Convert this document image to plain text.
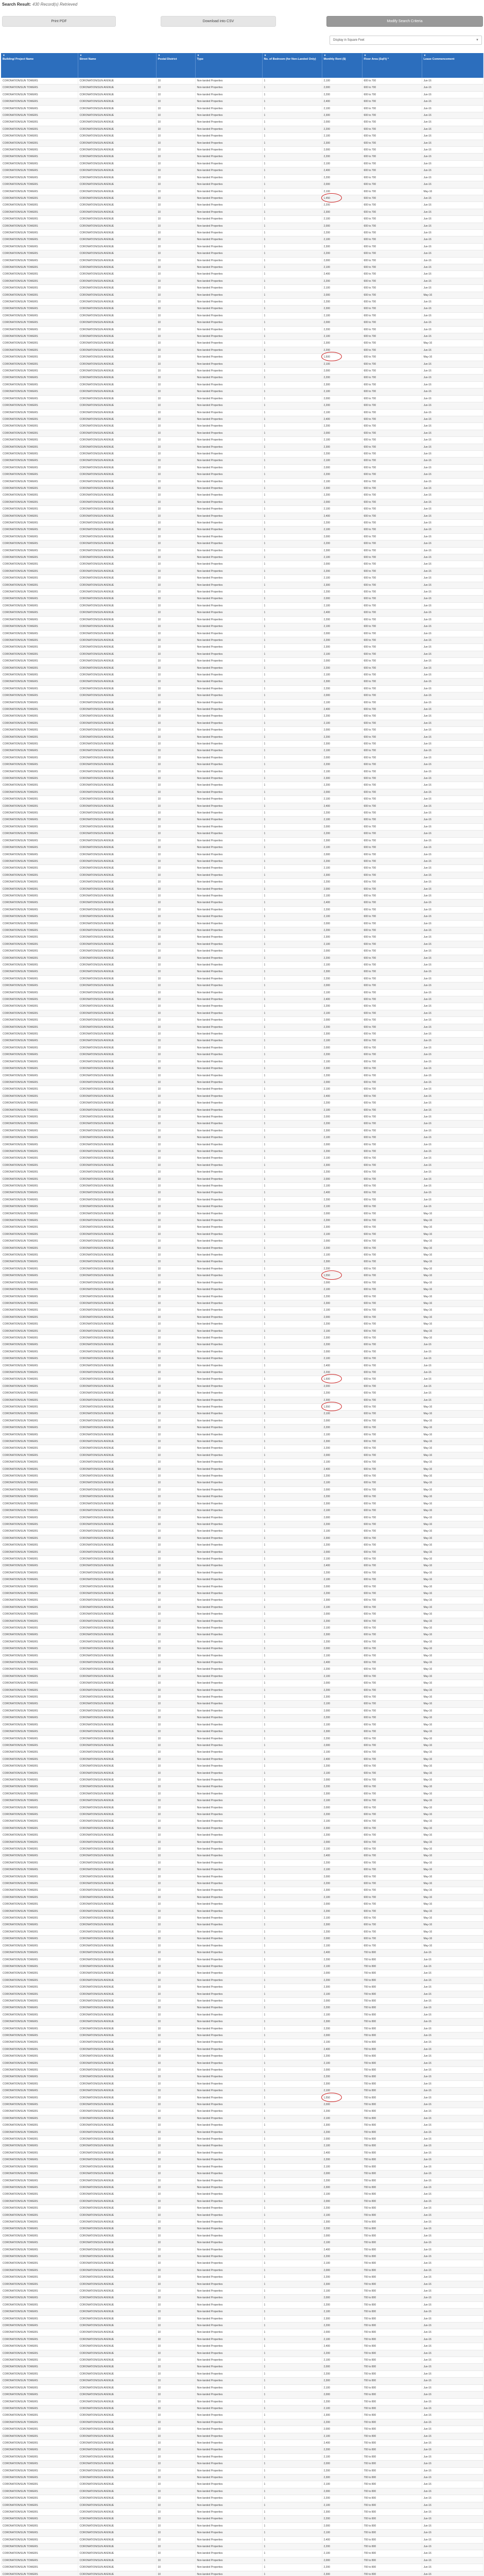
Search Result: 430 Record(s) Retrieved
Print PDF	Download into CSV	Modify Search Criteria
Display in Square Feet	▼
▼
Building/ Project Name	▼
Street Name	▼
Postal District	▼
Type	▼
No. of Bedroom (for Non-Landed Only)	▼
Monthly Rent ($)	▼
Floor Area (SqFt) *	▼
Lease Commencement
CORONATION/SUN TOWERS	CORONATION/SUN AVENUE	10	Non-landed Properties	1	2,100	600 to 700	Jun-16
CORONATION/SUN TOWERS	CORONATION/SUN AVENUE	10	Non-landed Properties	1	2,000	600 to 700	Jun-16
CORONATION/SUN TOWERS	CORONATION/SUN AVENUE	10	Non-landed Properties	1	2,200	600 to 700	Jun-16
CORONATION/SUN TOWERS	CORONATION/SUN AVENUE	10	Non-landed Properties	1	2,400	600 to 700	Jun-16
CORONATION/SUN TOWERS	CORONATION/SUN AVENUE	10	Non-landed Properties	1	2,100	600 to 700	Jun-16
CORONATION/SUN TOWERS	CORONATION/SUN AVENUE	10	Non-landed Properties	1	2,300	600 to 700	Jun-16
CORONATION/SUN TOWERS	CORONATION/SUN AVENUE	10	Non-landed Properties	1	2,000	600 to 700	Jun-16
CORONATION/SUN TOWERS	CORONATION/SUN AVENUE	10	Non-landed Properties	1	2,200	600 to 700	Jun-16
CORONATION/SUN TOWERS	CORONATION/SUN AVENUE	10	Non-landed Properties	1	2,100	600 to 700	Jun-16
CORONATION/SUN TOWERS	CORONATION/SUN AVENUE	10	Non-landed Properties	1	2,300	600 to 700	Jun-16
CORONATION/SUN TOWERS	CORONATION/SUN AVENUE	10	Non-landed Properties	1	2,000	600 to 700	Jun-16
CORONATION/SUN TOWERS	CORONATION/SUN AVENUE	10	Non-landed Properties	1	2,200	600 to 700	Jun-16
CORONATION/SUN TOWERS	CORONATION/SUN AVENUE	10	Non-landed Properties	1	2,100	600 to 700	Jun-16
CORONATION/SUN TOWERS	CORONATION/SUN AVENUE	10	Non-landed Properties	1	2,400	600 to 700	Jun-16
CORONATION/SUN TOWERS	CORONATION/SUN AVENUE	10	Non-landed Properties	1	2,200	600 to 700	Jun-16
CORONATION/SUN TOWERS	CORONATION/SUN AVENUE	10	Non-landed Properties	1	2,000	600 to 700	Jun-16
CORONATION/SUN TOWERS	CORONATION/SUN AVENUE	10	Non-landed Properties	1	2,100	600 to 700	May-16
CORONATION/SUN TOWERS	CORONATION/SUN AVENUE	10	Non-landed Properties	1	1,450	600 to 700	Jun-16
CORONATION/SUN TOWERS	CORONATION/SUN AVENUE	10	Non-landed Properties	1	2,200	600 to 700	Jun-16
CORONATION/SUN TOWERS	CORONATION/SUN AVENUE	10	Non-landed Properties	1	2,300	600 to 700	Jun-16
CORONATION/SUN TOWERS	CORONATION/SUN AVENUE	10	Non-landed Properties	1	2,100	600 to 700	Jun-16
CORONATION/SUN TOWERS	CORONATION/SUN AVENUE	10	Non-landed Properties	1	2,000	600 to 700	Jun-16
CORONATION/SUN TOWERS	CORONATION/SUN AVENUE	10	Non-landed Properties	1	2,200	600 to 700	Jun-16
CORONATION/SUN TOWERS	CORONATION/SUN AVENUE	10	Non-landed Properties	1	2,100	600 to 700	Jun-16
CORONATION/SUN TOWERS	CORONATION/SUN AVENUE	10	Non-landed Properties	1	2,300	600 to 700	Jun-16
CORONATION/SUN TOWERS	CORONATION/SUN AVENUE	10	Non-landed Properties	1	2,200	600 to 700	Jun-16
CORONATION/SUN TOWERS	CORONATION/SUN AVENUE	10	Non-landed Properties	1	2,000	600 to 700	Jun-16
CORONATION/SUN TOWERS	CORONATION/SUN AVENUE	10	Non-landed Properties	1	2,100	600 to 700	Jun-16
CORONATION/SUN TOWERS	CORONATION/SUN AVENUE	10	Non-landed Properties	1	2,400	600 to 700	Jun-16
CORONATION/SUN TOWERS	CORONATION/SUN AVENUE	10	Non-landed Properties	1	2,200	600 to 700	Jun-16
CORONATION/SUN TOWERS	CORONATION/SUN AVENUE	10	Non-landed Properties	1	2,100	600 to 700	Jun-16
CORONATION/SUN TOWERS	CORONATION/SUN AVENUE	10	Non-landed Properties	1	2,000	600 to 700	May-16
CORONATION/SUN TOWERS	CORONATION/SUN AVENUE	10	Non-landed Properties	1	2,200	600 to 700	Jun-16
CORONATION/SUN TOWERS	CORONATION/SUN AVENUE	10	Non-landed Properties	1	2,300	600 to 700	Jun-16
CORONATION/SUN TOWERS	CORONATION/SUN AVENUE	10	Non-landed Properties	1	2,100	600 to 700	Jun-16
CORONATION/SUN TOWERS	CORONATION/SUN AVENUE	10	Non-landed Properties	1	2,000	600 to 700	Jun-16
CORONATION/SUN TOWERS	CORONATION/SUN AVENUE	10	Non-landed Properties	1	2,200	600 to 700	Jun-16
CORONATION/SUN TOWERS	CORONATION/SUN AVENUE	10	Non-landed Properties	1	2,100	600 to 700	Jun-16
CORONATION/SUN TOWERS	CORONATION/SUN AVENUE	10	Non-landed Properties	1	2,300	600 to 700	May-16
CORONATION/SUN TOWERS	CORONATION/SUN AVENUE	10	Non-landed Properties	1	2,200	600 to 700	Jun-16
CORONATION/SUN TOWERS	CORONATION/SUN AVENUE	10	Non-landed Properties	1	1,500	600 to 700	May-16
CORONATION/SUN TOWERS	CORONATION/SUN AVENUE	10	Non-landed Properties	1	2,100	600 to 700	Jun-16
CORONATION/SUN TOWERS	CORONATION/SUN AVENUE	10	Non-landed Properties	1	2,000	600 to 700	Jun-16
CORONATION/SUN TOWERS	CORONATION/SUN AVENUE	10	Non-landed Properties	1	2,200	600 to 700	Jun-16
CORONATION/SUN TOWERS	CORONATION/SUN AVENUE	10	Non-landed Properties	1	2,300	600 to 700	Jun-16
CORONATION/SUN TOWERS	CORONATION/SUN AVENUE	10	Non-landed Properties	1	2,100	600 to 700	Jun-16
CORONATION/SUN TOWERS	CORONATION/SUN AVENUE	10	Non-landed Properties	1	2,000	600 to 700	Jun-16
CORONATION/SUN TOWERS	CORONATION/SUN AVENUE	10	Non-landed Properties	1	2,200	600 to 700	Jun-16
CORONATION/SUN TOWERS	CORONATION/SUN AVENUE	10	Non-landed Properties	1	2,100	600 to 700	Jun-16
CORONATION/SUN TOWERS	CORONATION/SUN AVENUE	10	Non-landed Properties	1	2,400	600 to 700	Jun-16
CORONATION/SUN TOWERS	CORONATION/SUN AVENUE	10	Non-landed Properties	1	2,200	600 to 700	Jun-16
CORONATION/SUN TOWERS	CORONATION/SUN AVENUE	10	Non-landed Properties	1	2,000	600 to 700	Jun-16
CORONATION/SUN TOWERS	CORONATION/SUN AVENUE	10	Non-landed Properties	1	2,100	600 to 700	Jun-16
CORONATION/SUN TOWERS	CORONATION/SUN AVENUE	10	Non-landed Properties	1	2,300	600 to 700	Jun-16
CORONATION/SUN TOWERS	CORONATION/SUN AVENUE	10	Non-landed Properties	1	2,200	600 to 700	Jun-16
CORONATION/SUN TOWERS	CORONATION/SUN AVENUE	10	Non-landed Properties	1	2,100	600 to 700	Jun-16
CORONATION/SUN TOWERS	CORONATION/SUN AVENUE	10	Non-landed Properties	1	2,000	600 to 700	Jun-16
CORONATION/SUN TOWERS	CORONATION/SUN AVENUE	10	Non-landed Properties	1	2,200	600 to 700	Jun-16
CORONATION/SUN TOWERS	CORONATION/SUN AVENUE	10	Non-landed Properties	1	2,100	600 to 700	Jun-16
CORONATION/SUN TOWERS	CORONATION/SUN AVENUE	10	Non-landed Properties	1	2,300	600 to 700	Jun-16
CORONATION/SUN TOWERS	CORONATION/SUN AVENUE	10	Non-landed Properties	1	2,200	600 to 700	Jun-16
CORONATION/SUN TOWERS	CORONATION/SUN AVENUE	10	Non-landed Properties	1	2,000	600 to 700	Jun-16
CORONATION/SUN TOWERS	CORONATION/SUN AVENUE	10	Non-landed Properties	1	2,100	600 to 700	Jun-16
CORONATION/SUN TOWERS	CORONATION/SUN AVENUE	10	Non-landed Properties	1	2,400	600 to 700	Jun-16
CORONATION/SUN TOWERS	CORONATION/SUN AVENUE	10	Non-landed Properties	1	2,200	600 to 700	Jun-16
CORONATION/SUN TOWERS	CORONATION/SUN AVENUE	10	Non-landed Properties	1	2,100	600 to 700	Jun-16
CORONATION/SUN TOWERS	CORONATION/SUN AVENUE	10	Non-landed Properties	1	2,000	600 to 700	Jun-16
CORONATION/SUN TOWERS	CORONATION/SUN AVENUE	10	Non-landed Properties	1	2,200	600 to 700	Jun-16
CORONATION/SUN TOWERS	CORONATION/SUN AVENUE	10	Non-landed Properties	1	2,300	600 to 700	Jun-16
CORONATION/SUN TOWERS	CORONATION/SUN AVENUE	10	Non-landed Properties	1	2,100	600 to 700	Jun-16
CORONATION/SUN TOWERS	CORONATION/SUN AVENUE	10	Non-landed Properties	1	2,000	600 to 700	Jun-16
CORONATION/SUN TOWERS	CORONATION/SUN AVENUE	10	Non-landed Properties	1	2,200	600 to 700	Jun-16
CORONATION/SUN TOWERS	CORONATION/SUN AVENUE	10	Non-landed Properties	1	2,100	600 to 700	Jun-16
CORONATION/SUN TOWERS	CORONATION/SUN AVENUE	10	Non-landed Properties	1	2,300	600 to 700	Jun-16
CORONATION/SUN TOWERS	CORONATION/SUN AVENUE	10	Non-landed Properties	1	2,200	600 to 700	Jun-16
CORONATION/SUN TOWERS	CORONATION/SUN AVENUE	10	Non-landed Properties	1	2,000	600 to 700	Jun-16
CORONATION/SUN TOWERS	CORONATION/SUN AVENUE	10	Non-landed Properties	1	2,100	600 to 700	Jun-16
CORONATION/SUN TOWERS	CORONATION/SUN AVENUE	10	Non-landed Properties	1	2,400	600 to 700	Jun-16
CORONATION/SUN TOWERS	CORONATION/SUN AVENUE	10	Non-landed Properties	1	2,200	600 to 700	Jun-16
CORONATION/SUN TOWERS	CORONATION/SUN AVENUE	10	Non-landed Properties	1	2,100	600 to 700	Jun-16
CORONATION/SUN TOWERS	CORONATION/SUN AVENUE	10	Non-landed Properties	1	2,000	600 to 700	Jun-16
CORONATION/SUN TOWERS	CORONATION/SUN AVENUE	10	Non-landed Properties	1	2,200	600 to 700	Jun-16
CORONATION/SUN TOWERS	CORONATION/SUN AVENUE	10	Non-landed Properties	1	2,300	600 to 700	Jun-16
CORONATION/SUN TOWERS	CORONATION/SUN AVENUE	10	Non-landed Properties	1	2,100	600 to 700	Jun-16
CORONATION/SUN TOWERS	CORONATION/SUN AVENUE	10	Non-landed Properties	1	2,000	600 to 700	Jun-16
CORONATION/SUN TOWERS	CORONATION/SUN AVENUE	10	Non-landed Properties	1	2,200	600 to 700	Jun-16
CORONATION/SUN TOWERS	CORONATION/SUN AVENUE	10	Non-landed Properties	1	2,100	600 to 700	Jun-16
CORONATION/SUN TOWERS	CORONATION/SUN AVENUE	10	Non-landed Properties	1	2,300	600 to 700	Jun-16
CORONATION/SUN TOWERS	CORONATION/SUN AVENUE	10	Non-landed Properties	1	2,200	600 to 700	Jun-16
CORONATION/SUN TOWERS	CORONATION/SUN AVENUE	10	Non-landed Properties	1	2,000	600 to 700	Jun-16
CORONATION/SUN TOWERS	CORONATION/SUN AVENUE	10	Non-landed Properties	1	2,100	600 to 700	Jun-16
CORONATION/SUN TOWERS	CORONATION/SUN AVENUE	10	Non-landed Properties	1	2,400	600 to 700	Jun-16
CORONATION/SUN TOWERS	CORONATION/SUN AVENUE	10	Non-landed Properties	1	2,200	600 to 700	Jun-16
CORONATION/SUN TOWERS	CORONATION/SUN AVENUE	10	Non-landed Properties	1	2,100	600 to 700	Jun-16
CORONATION/SUN TOWERS	CORONATION/SUN AVENUE	10	Non-landed Properties	1	2,000	600 to 700	Jun-16
CORONATION/SUN TOWERS	CORONATION/SUN AVENUE	10	Non-landed Properties	1	2,200	600 to 700	Jun-16
CORONATION/SUN TOWERS	CORONATION/SUN AVENUE	10	Non-landed Properties	1	2,300	600 to 700	Jun-16
CORONATION/SUN TOWERS	CORONATION/SUN AVENUE	10	Non-landed Properties	1	2,100	600 to 700	Jun-16
CORONATION/SUN TOWERS	CORONATION/SUN AVENUE	10	Non-landed Properties	1	2,000	600 to 700	Jun-16
CORONATION/SUN TOWERS	CORONATION/SUN AVENUE	10	Non-landed Properties	1	2,200	600 to 700	Jun-16
CORONATION/SUN TOWERS	CORONATION/SUN AVENUE	10	Non-landed Properties	1	2,100	600 to 700	Jun-16
CORONATION/SUN TOWERS	CORONATION/SUN AVENUE	10	Non-landed Properties	1	2,300	600 to 700	Jun-16
CORONATION/SUN TOWERS	CORONATION/SUN AVENUE	10	Non-landed Properties	1	2,200	600 to 700	Jun-16
CORONATION/SUN TOWERS	CORONATION/SUN AVENUE	10	Non-landed Properties	1	2,000	600 to 700	Jun-16
CORONATION/SUN TOWERS	CORONATION/SUN AVENUE	10	Non-landed Properties	1	2,100	600 to 700	Jun-16
CORONATION/SUN TOWERS	CORONATION/SUN AVENUE	10	Non-landed Properties	1	2,400	600 to 700	Jun-16
CORONATION/SUN TOWERS	CORONATION/SUN AVENUE	10	Non-landed Properties	1	2,200	600 to 700	Jun-16
CORONATION/SUN TOWERS	CORONATION/SUN AVENUE	10	Non-landed Properties	1	2,100	600 to 700	Jun-16
CORONATION/SUN TOWERS	CORONATION/SUN AVENUE	10	Non-landed Properties	1	2,000	600 to 700	Jun-16
CORONATION/SUN TOWERS	CORONATION/SUN AVENUE	10	Non-landed Properties	1	2,200	600 to 700	Jun-16
CORONATION/SUN TOWERS	CORONATION/SUN AVENUE	10	Non-landed Properties	1	2,300	600 to 700	Jun-16
CORONATION/SUN TOWERS	CORONATION/SUN AVENUE	10	Non-landed Properties	1	2,100	600 to 700	Jun-16
CORONATION/SUN TOWERS	CORONATION/SUN AVENUE	10	Non-landed Properties	1	2,000	600 to 700	Jun-16
CORONATION/SUN TOWERS	CORONATION/SUN AVENUE	10	Non-landed Properties	1	2,200	600 to 700	Jun-16
CORONATION/SUN TOWERS	CORONATION/SUN AVENUE	10	Non-landed Properties	1	2,100	600 to 700	Jun-16
CORONATION/SUN TOWERS	CORONATION/SUN AVENUE	10	Non-landed Properties	1	2,300	600 to 700	Jun-16
CORONATION/SUN TOWERS	CORONATION/SUN AVENUE	10	Non-landed Properties	1	2,200	600 to 700	Jun-16
CORONATION/SUN TOWERS	CORONATION/SUN AVENUE	10	Non-landed Properties	1	2,000	600 to 700	Jun-16
CORONATION/SUN TOWERS	CORONATION/SUN AVENUE	10	Non-landed Properties	1	2,100	600 to 700	Jun-16
CORONATION/SUN TOWERS	CORONATION/SUN AVENUE	10	Non-landed Properties	1	2,400	600 to 700	Jun-16
CORONATION/SUN TOWERS	CORONATION/SUN AVENUE	10	Non-landed Properties	1	2,200	600 to 700	Jun-16
CORONATION/SUN TOWERS	CORONATION/SUN AVENUE	10	Non-landed Properties	1	2,100	600 to 700	Jun-16
CORONATION/SUN TOWERS	CORONATION/SUN AVENUE	10	Non-landed Properties	1	2,000	600 to 700	Jun-16
CORONATION/SUN TOWERS	CORONATION/SUN AVENUE	10	Non-landed Properties	1	2,200	600 to 700	Jun-16
CORONATION/SUN TOWERS	CORONATION/SUN AVENUE	10	Non-landed Properties	1	2,300	600 to 700	Jun-16
CORONATION/SUN TOWERS	CORONATION/SUN AVENUE	10	Non-landed Properties	1	2,100	600 to 700	Jun-16
CORONATION/SUN TOWERS	CORONATION/SUN AVENUE	10	Non-landed Properties	1	2,000	600 to 700	Jun-16
CORONATION/SUN TOWERS	CORONATION/SUN AVENUE	10	Non-landed Properties	1	2,200	600 to 700	Jun-16
CORONATION/SUN TOWERS	CORONATION/SUN AVENUE	10	Non-landed Properties	1	2,100	600 to 700	Jun-16
CORONATION/SUN TOWERS	CORONATION/SUN AVENUE	10	Non-landed Properties	1	2,300	600 to 700	Jun-16
CORONATION/SUN TOWERS	CORONATION/SUN AVENUE	10	Non-landed Properties	1	2,200	600 to 700	Jun-16
CORONATION/SUN TOWERS	CORONATION/SUN AVENUE	10	Non-landed Properties	1	2,000	600 to 700	Jun-16
CORONATION/SUN TOWERS	CORONATION/SUN AVENUE	10	Non-landed Properties	1	2,100	600 to 700	Jun-16
CORONATION/SUN TOWERS	CORONATION/SUN AVENUE	10	Non-landed Properties	1	2,400	600 to 700	Jun-16
CORONATION/SUN TOWERS	CORONATION/SUN AVENUE	10	Non-landed Properties	1	2,200	600 to 700	Jun-16
CORONATION/SUN TOWERS	CORONATION/SUN AVENUE	10	Non-landed Properties	1	2,100	600 to 700	Jun-16
CORONATION/SUN TOWERS	CORONATION/SUN AVENUE	10	Non-landed Properties	1	2,000	600 to 700	Jun-16
CORONATION/SUN TOWERS	CORONATION/SUN AVENUE	10	Non-landed Properties	1	2,200	600 to 700	Jun-16
CORONATION/SUN TOWERS	CORONATION/SUN AVENUE	10	Non-landed Properties	1	2,300	600 to 700	Jun-16
CORONATION/SUN TOWERS	CORONATION/SUN AVENUE	10	Non-landed Properties	1	2,100	600 to 700	Jun-16
CORONATION/SUN TOWERS	CORONATION/SUN AVENUE	10	Non-landed Properties	1	2,000	600 to 700	Jun-16
CORONATION/SUN TOWERS	CORONATION/SUN AVENUE	10	Non-landed Properties	1	2,200	600 to 700	Jun-16
CORONATION/SUN TOWERS	CORONATION/SUN AVENUE	10	Non-landed Properties	1	2,100	600 to 700	Jun-16
CORONATION/SUN TOWERS	CORONATION/SUN AVENUE	10	Non-landed Properties	1	2,300	600 to 700	Jun-16
CORONATION/SUN TOWERS	CORONATION/SUN AVENUE	10	Non-landed Properties	1	2,200	600 to 700	Jun-16
CORONATION/SUN TOWERS	CORONATION/SUN AVENUE	10	Non-landed Properties	1	2,000	600 to 700	Jun-16
CORONATION/SUN TOWERS	CORONATION/SUN AVENUE	10	Non-landed Properties	1	2,100	600 to 700	Jun-16
CORONATION/SUN TOWERS	CORONATION/SUN AVENUE	10	Non-landed Properties	1	2,400	600 to 700	Jun-16
CORONATION/SUN TOWERS	CORONATION/SUN AVENUE	10	Non-landed Properties	1	2,200	600 to 700	Jun-16
CORONATION/SUN TOWERS	CORONATION/SUN AVENUE	10	Non-landed Properties	1	2,100	600 to 700	Jun-16
CORONATION/SUN TOWERS	CORONATION/SUN AVENUE	10	Non-landed Properties	1	2,000	600 to 700	Jun-16
CORONATION/SUN TOWERS	CORONATION/SUN AVENUE	10	Non-landed Properties	1	2,200	600 to 700	Jun-16
CORONATION/SUN TOWERS	CORONATION/SUN AVENUE	10	Non-landed Properties	1	2,300	600 to 700	Jun-16
CORONATION/SUN TOWERS	CORONATION/SUN AVENUE	10	Non-landed Properties	1	2,100	600 to 700	Jun-16
CORONATION/SUN TOWERS	CORONATION/SUN AVENUE	10	Non-landed Properties	1	2,000	600 to 700	Jun-16
CORONATION/SUN TOWERS	CORONATION/SUN AVENUE	10	Non-landed Properties	1	2,200	600 to 700	Jun-16
CORONATION/SUN TOWERS	CORONATION/SUN AVENUE	10	Non-landed Properties	1	2,100	600 to 700	Jun-16
CORONATION/SUN TOWERS	CORONATION/SUN AVENUE	10	Non-landed Properties	1	2,300	600 to 700	Jun-16
CORONATION/SUN TOWERS	CORONATION/SUN AVENUE	10	Non-landed Properties	1	2,200	600 to 700	Jun-16
CORONATION/SUN TOWERS	CORONATION/SUN AVENUE	10	Non-landed Properties	1	2,000	600 to 700	Jun-16
CORONATION/SUN TOWERS	CORONATION/SUN AVENUE	10	Non-landed Properties	1	2,100	600 to 700	Jun-16
CORONATION/SUN TOWERS	CORONATION/SUN AVENUE	10	Non-landed Properties	1	2,400	600 to 700	Jun-16
CORONATION/SUN TOWERS	CORONATION/SUN AVENUE	10	Non-landed Properties	1	2,200	600 to 700	Jun-16
CORONATION/SUN TOWERS	CORONATION/SUN AVENUE	10	Non-landed Properties	1	2,100	600 to 700	Jun-16
CORONATION/SUN TOWERS	CORONATION/SUN AVENUE	10	Non-landed Properties	1	2,000	600 to 700	May-16
CORONATION/SUN TOWERS	CORONATION/SUN AVENUE	10	Non-landed Properties	1	2,200	600 to 700	May-16
CORONATION/SUN TOWERS	CORONATION/SUN AVENUE	10	Non-landed Properties	1	2,300	600 to 700	May-16
CORONATION/SUN TOWERS	CORONATION/SUN AVENUE	10	Non-landed Properties	1	2,100	600 to 700	May-16
CORONATION/SUN TOWERS	CORONATION/SUN AVENUE	10	Non-landed Properties	1	2,000	600 to 700	May-16
CORONATION/SUN TOWERS	CORONATION/SUN AVENUE	10	Non-landed Properties	1	2,200	600 to 700	May-16
CORONATION/SUN TOWERS	CORONATION/SUN AVENUE	10	Non-landed Properties	1	2,100	600 to 700	May-16
CORONATION/SUN TOWERS	CORONATION/SUN AVENUE	10	Non-landed Properties	1	2,300	600 to 700	May-16
CORONATION/SUN TOWERS	CORONATION/SUN AVENUE	10	Non-landed Properties	1	2,200	600 to 700	May-16
CORONATION/SUN TOWERS	CORONATION/SUN AVENUE	10	Non-landed Properties	1	1,550	600 to 700	May-16
CORONATION/SUN TOWERS	CORONATION/SUN AVENUE	10	Non-landed Properties	1	2,000	600 to 700	May-16
CORONATION/SUN TOWERS	CORONATION/SUN AVENUE	10	Non-landed Properties	1	2,100	600 to 700	May-16
CORONATION/SUN TOWERS	CORONATION/SUN AVENUE	10	Non-landed Properties	1	2,200	600 to 700	May-16
CORONATION/SUN TOWERS	CORONATION/SUN AVENUE	10	Non-landed Properties	1	2,300	600 to 700	May-16
CORONATION/SUN TOWERS	CORONATION/SUN AVENUE	10	Non-landed Properties	1	2,100	600 to 700	May-16
CORONATION/SUN TOWERS	CORONATION/SUN AVENUE	10	Non-landed Properties	1	2,000	600 to 700	May-16
CORONATION/SUN TOWERS	CORONATION/SUN AVENUE	10	Non-landed Properties	1	2,200	600 to 700	May-16
CORONATION/SUN TOWERS	CORONATION/SUN AVENUE	10	Non-landed Properties	1	2,100	600 to 700	May-16
CORONATION/SUN TOWERS	CORONATION/SUN AVENUE	10	Non-landed Properties	1	2,300	600 to 700	May-16
CORONATION/SUN TOWERS	CORONATION/SUN AVENUE	10	Non-landed Properties	1	2,200	600 to 700	Jun-16
CORONATION/SUN TOWERS	CORONATION/SUN AVENUE	10	Non-landed Properties	1	2,000	600 to 700	Jun-16
CORONATION/SUN TOWERS	CORONATION/SUN AVENUE	10	Non-landed Properties	1	2,100	600 to 700	Jun-16
CORONATION/SUN TOWERS	CORONATION/SUN AVENUE	10	Non-landed Properties	1	2,400	600 to 700	Jun-16
CORONATION/SUN TOWERS	CORONATION/SUN AVENUE	10	Non-landed Properties	1	2,200	600 to 700	Jun-16
CORONATION/SUN TOWERS	CORONATION/SUN AVENUE	10	Non-landed Properties	1	1,500	600 to 700	Jun-16
CORONATION/SUN TOWERS	CORONATION/SUN AVENUE	10	Non-landed Properties	1	2,000	600 to 700	Jun-16
CORONATION/SUN TOWERS	CORONATION/SUN AVENUE	10	Non-landed Properties	1	2,200	600 to 700	Jun-16
CORONATION/SUN TOWERS	CORONATION/SUN AVENUE	10	Non-landed Properties	1	2,300	600 to 700	Jun-16
CORONATION/SUN TOWERS	CORONATION/SUN AVENUE	10	Non-landed Properties	1	1,550	600 to 700	May-16
CORONATION/SUN TOWERS	CORONATION/SUN AVENUE	10	Non-landed Properties	1	2,100	600 to 700	May-16
CORONATION/SUN TOWERS	CORONATION/SUN AVENUE	10	Non-landed Properties	1	2,000	600 to 700	May-16
CORONATION/SUN TOWERS	CORONATION/SUN AVENUE	10	Non-landed Properties	1	2,200	600 to 700	May-16
CORONATION/SUN TOWERS	CORONATION/SUN AVENUE	10	Non-landed Properties	1	2,100	600 to 700	May-16
CORONATION/SUN TOWERS	CORONATION/SUN AVENUE	10	Non-landed Properties	1	2,300	600 to 700	May-16
CORONATION/SUN TOWERS	CORONATION/SUN AVENUE	10	Non-landed Properties	1	2,200	600 to 700	May-16
CORONATION/SUN TOWERS	CORONATION/SUN AVENUE	10	Non-landed Properties	1	2,000	600 to 700	May-16
CORONATION/SUN TOWERS	CORONATION/SUN AVENUE	10	Non-landed Properties	1	2,100	600 to 700	May-16
CORONATION/SUN TOWERS	CORONATION/SUN AVENUE	10	Non-landed Properties	1	2,400	600 to 700	May-16
CORONATION/SUN TOWERS	CORONATION/SUN AVENUE	10	Non-landed Properties	1	2,200	600 to 700	May-16
CORONATION/SUN TOWERS	CORONATION/SUN AVENUE	10	Non-landed Properties	1	2,100	600 to 700	May-16
CORONATION/SUN TOWERS	CORONATION/SUN AVENUE	10	Non-landed Properties	1	2,000	600 to 700	May-16
CORONATION/SUN TOWERS	CORONATION/SUN AVENUE	10	Non-landed Properties	1	2,200	600 to 700	May-16
CORONATION/SUN TOWERS	CORONATION/SUN AVENUE	10	Non-landed Properties	1	2,300	600 to 700	May-16
CORONATION/SUN TOWERS	CORONATION/SUN AVENUE	10	Non-landed Properties	1	2,100	600 to 700	May-16
CORONATION/SUN TOWERS	CORONATION/SUN AVENUE	10	Non-landed Properties	1	2,000	600 to 700	May-16
CORONATION/SUN TOWERS	CORONATION/SUN AVENUE	10	Non-landed Properties	1	2,200	600 to 700	May-16
CORONATION/SUN TOWERS	CORONATION/SUN AVENUE	10	Non-landed Properties	1	2,100	600 to 700	May-16
CORONATION/SUN TOWERS	CORONATION/SUN AVENUE	10	Non-landed Properties	1	2,300	600 to 700	May-16
CORONATION/SUN TOWERS	CORONATION/SUN AVENUE	10	Non-landed Properties	1	2,200	600 to 700	May-16
CORONATION/SUN TOWERS	CORONATION/SUN AVENUE	10	Non-landed Properties	1	2,000	600 to 700	May-16
CORONATION/SUN TOWERS	CORONATION/SUN AVENUE	10	Non-landed Properties	1	2,100	600 to 700	May-16
CORONATION/SUN TOWERS	CORONATION/SUN AVENUE	10	Non-landed Properties	1	2,400	600 to 700	May-16
CORONATION/SUN TOWERS	CORONATION/SUN AVENUE	10	Non-landed Properties	1	2,200	600 to 700	May-16
CORONATION/SUN TOWERS	CORONATION/SUN AVENUE	10	Non-landed Properties	1	2,100	600 to 700	May-16
CORONATION/SUN TOWERS	CORONATION/SUN AVENUE	10	Non-landed Properties	1	2,000	600 to 700	May-16
CORONATION/SUN TOWERS	CORONATION/SUN AVENUE	10	Non-landed Properties	1	2,200	600 to 700	May-16
CORONATION/SUN TOWERS	CORONATION/SUN AVENUE	10	Non-landed Properties	1	2,300	600 to 700	May-16
CORONATION/SUN TOWERS	CORONATION/SUN AVENUE	10	Non-landed Properties	1	2,100	600 to 700	May-16
CORONATION/SUN TOWERS	CORONATION/SUN AVENUE	10	Non-landed Properties	1	2,000	600 to 700	May-16
CORONATION/SUN TOWERS	CORONATION/SUN AVENUE	10	Non-landed Properties	1	2,200	600 to 700	May-16
CORONATION/SUN TOWERS	CORONATION/SUN AVENUE	10	Non-landed Properties	1	2,100	600 to 700	May-16
CORONATION/SUN TOWERS	CORONATION/SUN AVENUE	10	Non-landed Properties	1	2,300	600 to 700	May-16
CORONATION/SUN TOWERS	CORONATION/SUN AVENUE	10	Non-landed Properties	1	2,200	600 to 700	May-16
CORONATION/SUN TOWERS	CORONATION/SUN AVENUE	10	Non-landed Properties	1	2,000	600 to 700	May-16
CORONATION/SUN TOWERS	CORONATION/SUN AVENUE	10	Non-landed Properties	1	2,100	600 to 700	May-16
CORONATION/SUN TOWERS	CORONATION/SUN AVENUE	10	Non-landed Properties	1	2,400	600 to 700	May-16
CORONATION/SUN TOWERS	CORONATION/SUN AVENUE	10	Non-landed Properties	1	2,200	600 to 700	May-16
CORONATION/SUN TOWERS	CORONATION/SUN AVENUE	10	Non-landed Properties	1	2,100	600 to 700	May-16
CORONATION/SUN TOWERS	CORONATION/SUN AVENUE	10	Non-landed Properties	1	2,000	600 to 700	May-16
CORONATION/SUN TOWERS	CORONATION/SUN AVENUE	10	Non-landed Properties	1	2,200	600 to 700	May-16
CORONATION/SUN TOWERS	CORONATION/SUN AVENUE	10	Non-landed Properties	1	2,300	600 to 700	May-16
CORONATION/SUN TOWERS	CORONATION/SUN AVENUE	10	Non-landed Properties	1	2,100	600 to 700	May-16
CORONATION/SUN TOWERS	CORONATION/SUN AVENUE	10	Non-landed Properties	1	2,000	600 to 700	May-16
CORONATION/SUN TOWERS	CORONATION/SUN AVENUE	10	Non-landed Properties	1	2,200	600 to 700	May-16
CORONATION/SUN TOWERS	CORONATION/SUN AVENUE	10	Non-landed Properties	1	2,100	600 to 700	May-16
CORONATION/SUN TOWERS	CORONATION/SUN AVENUE	10	Non-landed Properties	1	2,300	600 to 700	May-16
CORONATION/SUN TOWERS	CORONATION/SUN AVENUE	10	Non-landed Properties	1	2,200	600 to 700	May-16
CORONATION/SUN TOWERS	CORONATION/SUN AVENUE	10	Non-landed Properties	1	2,000	600 to 700	May-16
CORONATION/SUN TOWERS	CORONATION/SUN AVENUE	10	Non-landed Properties	1	2,100	600 to 700	May-16
CORONATION/SUN TOWERS	CORONATION/SUN AVENUE	10	Non-landed Properties	1	2,400	600 to 700	May-16
CORONATION/SUN TOWERS	CORONATION/SUN AVENUE	10	Non-landed Properties	1	2,200	600 to 700	May-16
CORONATION/SUN TOWERS	CORONATION/SUN AVENUE	10	Non-landed Properties	1	2,100	600 to 700	May-16
CORONATION/SUN TOWERS	CORONATION/SUN AVENUE	10	Non-landed Properties	1	2,000	600 to 700	May-16
CORONATION/SUN TOWERS	CORONATION/SUN AVENUE	10	Non-landed Properties	1	2,200	600 to 700	May-16
CORONATION/SUN TOWERS	CORONATION/SUN AVENUE	10	Non-landed Properties	1	2,300	600 to 700	May-16
CORONATION/SUN TOWERS	CORONATION/SUN AVENUE	10	Non-landed Properties	1	2,100	600 to 700	May-16
CORONATION/SUN TOWERS	CORONATION/SUN AVENUE	10	Non-landed Properties	1	2,000	600 to 700	May-16
CORONATION/SUN TOWERS	CORONATION/SUN AVENUE	10	Non-landed Properties	1	2,200	600 to 700	May-16
CORONATION/SUN TOWERS	CORONATION/SUN AVENUE	10	Non-landed Properties	1	2,100	600 to 700	May-16
CORONATION/SUN TOWERS	CORONATION/SUN AVENUE	10	Non-landed Properties	1	2,300	600 to 700	May-16
CORONATION/SUN TOWERS	CORONATION/SUN AVENUE	10	Non-landed Properties	1	2,200	600 to 700	May-16
CORONATION/SUN TOWERS	CORONATION/SUN AVENUE	10	Non-landed Properties	1	2,000	600 to 700	May-16
CORONATION/SUN TOWERS	CORONATION/SUN AVENUE	10	Non-landed Properties	1	2,100	600 to 700	May-16
CORONATION/SUN TOWERS	CORONATION/SUN AVENUE	10	Non-landed Properties	1	2,400	600 to 700	May-16
CORONATION/SUN TOWERS	CORONATION/SUN AVENUE	10	Non-landed Properties	1	2,200	600 to 700	May-16
CORONATION/SUN TOWERS	CORONATION/SUN AVENUE	10	Non-landed Properties	1	2,100	600 to 700	May-16
CORONATION/SUN TOWERS	CORONATION/SUN AVENUE	10	Non-landed Properties	1	2,000	600 to 700	May-16
CORONATION/SUN TOWERS	CORONATION/SUN AVENUE	10	Non-landed Properties	1	2,200	600 to 700	May-16
CORONATION/SUN TOWERS	CORONATION/SUN AVENUE	10	Non-landed Properties	1	2,300	600 to 700	May-16
CORONATION/SUN TOWERS	CORONATION/SUN AVENUE	10	Non-landed Properties	1	2,100	600 to 700	May-16
CORONATION/SUN TOWERS	CORONATION/SUN AVENUE	10	Non-landed Properties	1	2,000	600 to 700	May-16
CORONATION/SUN TOWERS	CORONATION/SUN AVENUE	10	Non-landed Properties	1	2,200	600 to 700	May-16
CORONATION/SUN TOWERS	CORONATION/SUN AVENUE	10	Non-landed Properties	1	2,100	600 to 700	May-16
CORONATION/SUN TOWERS	CORONATION/SUN AVENUE	10	Non-landed Properties	1	2,300	600 to 700	May-16
CORONATION/SUN TOWERS	CORONATION/SUN AVENUE	10	Non-landed Properties	1	2,200	600 to 700	May-16
CORONATION/SUN TOWERS	CORONATION/SUN AVENUE	10	Non-landed Properties	1	2,000	600 to 700	May-16
CORONATION/SUN TOWERS	CORONATION/SUN AVENUE	10	Non-landed Properties	1	2,100	600 to 700	May-16
CORONATION/SUN TOWERS	CORONATION/SUN AVENUE	10	Non-landed Properties	1	2,400	700 to 800	Jun-16
CORONATION/SUN TOWERS	CORONATION/SUN AVENUE	10	Non-landed Properties	1	2,200	700 to 800	Jun-16
CORONATION/SUN TOWERS	CORONATION/SUN AVENUE	10	Non-landed Properties	1	2,100	700 to 800	Jun-16
CORONATION/SUN TOWERS	CORONATION/SUN AVENUE	10	Non-landed Properties	1	2,000	700 to 800	Jun-16
CORONATION/SUN TOWERS	CORONATION/SUN AVENUE	10	Non-landed Properties	1	2,200	700 to 800	Jun-16
CORONATION/SUN TOWERS	CORONATION/SUN AVENUE	10	Non-landed Properties	1	2,300	700 to 800	Jun-16
CORONATION/SUN TOWERS	CORONATION/SUN AVENUE	10	Non-landed Properties	1	2,100	700 to 800	Jun-16
CORONATION/SUN TOWERS	CORONATION/SUN AVENUE	10	Non-landed Properties	1	2,000	700 to 800	Jun-16
CORONATION/SUN TOWERS	CORONATION/SUN AVENUE	10	Non-landed Properties	1	2,200	700 to 800	Jun-16
CORONATION/SUN TOWERS	CORONATION/SUN AVENUE	10	Non-landed Properties	1	2,100	700 to 800	Jun-16
CORONATION/SUN TOWERS	CORONATION/SUN AVENUE	10	Non-landed Properties	1	2,300	700 to 800	Jun-16
CORONATION/SUN TOWERS	CORONATION/SUN AVENUE	10	Non-landed Properties	1	2,200	700 to 800	Jun-16
CORONATION/SUN TOWERS	CORONATION/SUN AVENUE	10	Non-landed Properties	1	2,000	700 to 800	Jun-16
CORONATION/SUN TOWERS	CORONATION/SUN AVENUE	10	Non-landed Properties	1	2,100	700 to 800	Jun-16
CORONATION/SUN TOWERS	CORONATION/SUN AVENUE	10	Non-landed Properties	1	2,400	700 to 800	Jun-16
CORONATION/SUN TOWERS	CORONATION/SUN AVENUE	10	Non-landed Properties	1	2,200	700 to 800	Jun-16
CORONATION/SUN TOWERS	CORONATION/SUN AVENUE	10	Non-landed Properties	1	2,100	700 to 800	Jun-16
CORONATION/SUN TOWERS	CORONATION/SUN AVENUE	10	Non-landed Properties	1	2,000	700 to 800	Jun-16
CORONATION/SUN TOWERS	CORONATION/SUN AVENUE	10	Non-landed Properties	1	2,200	700 to 800	Jun-16
CORONATION/SUN TOWERS	CORONATION/SUN AVENUE	10	Non-landed Properties	1	2,300	700 to 800	Jun-16
CORONATION/SUN TOWERS	CORONATION/SUN AVENUE	10	Non-landed Properties	1	2,100	700 to 800	Jun-16
CORONATION/SUN TOWERS	CORONATION/SUN AVENUE	10	Non-landed Properties	1	1,550	700 to 800	Jun-16
CORONATION/SUN TOWERS	CORONATION/SUN AVENUE	10	Non-landed Properties	1	2,000	700 to 800	Jun-16
CORONATION/SUN TOWERS	CORONATION/SUN AVENUE	10	Non-landed Properties	1	2,200	700 to 800	Jun-16
CORONATION/SUN TOWERS	CORONATION/SUN AVENUE	10	Non-landed Properties	1	2,100	700 to 800	Jun-16
CORONATION/SUN TOWERS	CORONATION/SUN AVENUE	10	Non-landed Properties	1	2,300	700 to 800	Jun-16
CORONATION/SUN TOWERS	CORONATION/SUN AVENUE	10	Non-landed Properties	1	2,200	700 to 800	Jun-16
CORONATION/SUN TOWERS	CORONATION/SUN AVENUE	10	Non-landed Properties	1	2,000	700 to 800	Jun-16
CORONATION/SUN TOWERS	CORONATION/SUN AVENUE	10	Non-landed Properties	1	2,100	700 to 800	Jun-16
CORONATION/SUN TOWERS	CORONATION/SUN AVENUE	10	Non-landed Properties	1	2,400	700 to 800	Jun-16
CORONATION/SUN TOWERS	CORONATION/SUN AVENUE	10	Non-landed Properties	1	2,200	700 to 800	Jun-16
CORONATION/SUN TOWERS	CORONATION/SUN AVENUE	10	Non-landed Properties	1	2,100	700 to 800	Jun-16
CORONATION/SUN TOWERS	CORONATION/SUN AVENUE	10	Non-landed Properties	1	2,000	700 to 800	Jun-16
CORONATION/SUN TOWERS	CORONATION/SUN AVENUE	10	Non-landed Properties	1	2,200	700 to 800	Jun-16
CORONATION/SUN TOWERS	CORONATION/SUN AVENUE	10	Non-landed Properties	1	2,300	700 to 800	Jun-16
CORONATION/SUN TOWERS	CORONATION/SUN AVENUE	10	Non-landed Properties	1	2,100	700 to 800	Jun-16
CORONATION/SUN TOWERS	CORONATION/SUN AVENUE	10	Non-landed Properties	1	2,000	700 to 800	Jun-16
CORONATION/SUN TOWERS	CORONATION/SUN AVENUE	10	Non-landed Properties	1	2,200	700 to 800	Jun-16
CORONATION/SUN TOWERS	CORONATION/SUN AVENUE	10	Non-landed Properties	1	2,100	700 to 800	Jun-16
CORONATION/SUN TOWERS	CORONATION/SUN AVENUE	10	Non-landed Properties	1	2,300	700 to 800	Jun-16
CORONATION/SUN TOWERS	CORONATION/SUN AVENUE	10	Non-landed Properties	1	2,200	700 to 800	Jun-16
CORONATION/SUN TOWERS	CORONATION/SUN AVENUE	10	Non-landed Properties	1	2,000	700 to 800	Jun-16
CORONATION/SUN TOWERS	CORONATION/SUN AVENUE	10	Non-landed Properties	1	2,100	700 to 800	Jun-16
CORONATION/SUN TOWERS	CORONATION/SUN AVENUE	10	Non-landed Properties	1	2,400	700 to 800	Jun-16
CORONATION/SUN TOWERS	CORONATION/SUN AVENUE	10	Non-landed Properties	1	2,200	700 to 800	Jun-16
CORONATION/SUN TOWERS	CORONATION/SUN AVENUE	10	Non-landed Properties	1	2,100	700 to 800	Jun-16
CORONATION/SUN TOWERS	CORONATION/SUN AVENUE	10	Non-landed Properties	1	2,000	700 to 800	Jun-16
CORONATION/SUN TOWERS	CORONATION/SUN AVENUE	10	Non-landed Properties	1	2,200	700 to 800	Jun-16
CORONATION/SUN TOWERS	CORONATION/SUN AVENUE	10	Non-landed Properties	1	2,300	700 to 800	Jun-16
CORONATION/SUN TOWERS	CORONATION/SUN AVENUE	10	Non-landed Properties	1	2,100	700 to 800	Jun-16
CORONATION/SUN TOWERS	CORONATION/SUN AVENUE	10	Non-landed Properties	1	2,000	700 to 800	Jun-16
CORONATION/SUN TOWERS	CORONATION/SUN AVENUE	10	Non-landed Properties	1	2,200	700 to 800	Jun-16
CORONATION/SUN TOWERS	CORONATION/SUN AVENUE	10	Non-landed Properties	1	2,100	700 to 800	Jun-16
CORONATION/SUN TOWERS	CORONATION/SUN AVENUE	10	Non-landed Properties	1	2,300	700 to 800	Jun-16
CORONATION/SUN TOWERS	CORONATION/SUN AVENUE	10	Non-landed Properties	1	2,200	700 to 800	Jun-16
CORONATION/SUN TOWERS	CORONATION/SUN AVENUE	10	Non-landed Properties	1	2,000	700 to 800	Jun-16
CORONATION/SUN TOWERS	CORONATION/SUN AVENUE	10	Non-landed Properties	1	2,100	700 to 800	Jun-16
CORONATION/SUN TOWERS	CORONATION/SUN AVENUE	10	Non-landed Properties	1	2,400	700 to 800	Jun-16
CORONATION/SUN TOWERS	CORONATION/SUN AVENUE	10	Non-landed Properties	1	2,200	700 to 800	Jun-16
CORONATION/SUN TOWERS	CORONATION/SUN AVENUE	10	Non-landed Properties	1	2,100	700 to 800	Jun-16
CORONATION/SUN TOWERS	CORONATION/SUN AVENUE	10	Non-landed Properties	1	2,000	700 to 800	Jun-16
CORONATION/SUN TOWERS	CORONATION/SUN AVENUE	10	Non-landed Properties	1	2,200	700 to 800	Jun-16
CORONATION/SUN TOWERS	CORONATION/SUN AVENUE	10	Non-landed Properties	1	2,300	700 to 800	Jun-16
CORONATION/SUN TOWERS	CORONATION/SUN AVENUE	10	Non-landed Properties	1	2,100	700 to 800	Jun-16
CORONATION/SUN TOWERS	CORONATION/SUN AVENUE	10	Non-landed Properties	1	2,000	700 to 800	Jun-16
CORONATION/SUN TOWERS	CORONATION/SUN AVENUE	10	Non-landed Properties	1	2,200	700 to 800	Jun-16
CORONATION/SUN TOWERS	CORONATION/SUN AVENUE	10	Non-landed Properties	1	2,100	700 to 800	Jun-16
CORONATION/SUN TOWERS	CORONATION/SUN AVENUE	10	Non-landed Properties	1	2,300	700 to 800	Jun-16
CORONATION/SUN TOWERS	CORONATION/SUN AVENUE	10	Non-landed Properties	1	2,200	700 to 800	Jun-16
CORONATION/SUN TOWERS	CORONATION/SUN AVENUE	10	Non-landed Properties	1	2,000	700 to 800	Jun-16
CORONATION/SUN TOWERS	CORONATION/SUN AVENUE	10	Non-landed Properties	1	2,100	700 to 800	Jun-16
CORONATION/SUN TOWERS	CORONATION/SUN AVENUE	10	Non-landed Properties	1	2,400	700 to 800	Jun-16
CORONATION/SUN TOWERS	CORONATION/SUN AVENUE	10	Non-landed Properties	1	2,200	700 to 800	Jun-16
CORONATION/SUN TOWERS	CORONATION/SUN AVENUE	10	Non-landed Properties	1	2,100	700 to 800	Jun-16
CORONATION/SUN TOWERS	CORONATION/SUN AVENUE	10	Non-landed Properties	1	2,000	700 to 800	Jun-16
CORONATION/SUN TOWERS	CORONATION/SUN AVENUE	10	Non-landed Properties	1	2,200	700 to 800	Jun-16
CORONATION/SUN TOWERS	CORONATION/SUN AVENUE	10	Non-landed Properties	1	2,300	700 to 800	Jun-16
CORONATION/SUN TOWERS	CORONATION/SUN AVENUE	10	Non-landed Properties	1	2,100	700 to 800	Jun-16
CORONATION/SUN TOWERS	CORONATION/SUN AVENUE	10	Non-landed Properties	1	2,000	700 to 800	Jun-16
CORONATION/SUN TOWERS	CORONATION/SUN AVENUE	10	Non-landed Properties	1	2,200	700 to 800	Jun-16
CORONATION/SUN TOWERS	CORONATION/SUN AVENUE	10	Non-landed Properties	1	2,100	700 to 800	Jun-16
CORONATION/SUN TOWERS	CORONATION/SUN AVENUE	10	Non-landed Properties	1	2,300	700 to 800	Jun-16
CORONATION/SUN TOWERS	CORONATION/SUN AVENUE	10	Non-landed Properties	1	2,200	700 to 800	Jun-16
CORONATION/SUN TOWERS	CORONATION/SUN AVENUE	10	Non-landed Properties	1	2,000	700 to 800	Jun-16
CORONATION/SUN TOWERS	CORONATION/SUN AVENUE	10	Non-landed Properties	1	2,100	700 to 800	Jun-16
CORONATION/SUN TOWERS	CORONATION/SUN AVENUE	10	Non-landed Properties	1	2,400	700 to 800	Jun-16
CORONATION/SUN TOWERS	CORONATION/SUN AVENUE	10	Non-landed Properties	1	2,200	700 to 800	Jun-16
CORONATION/SUN TOWERS	CORONATION/SUN AVENUE	10	Non-landed Properties	1	2,100	700 to 800	Jun-16
CORONATION/SUN TOWERS	CORONATION/SUN AVENUE	10	Non-landed Properties	1	2,000	700 to 800	Jun-16
CORONATION/SUN TOWERS	CORONATION/SUN AVENUE	10	Non-landed Properties	1	2,200	700 to 800	Jun-16
CORONATION/SUN TOWERS	CORONATION/SUN AVENUE	10	Non-landed Properties	1	2,300	700 to 800	Jun-16
